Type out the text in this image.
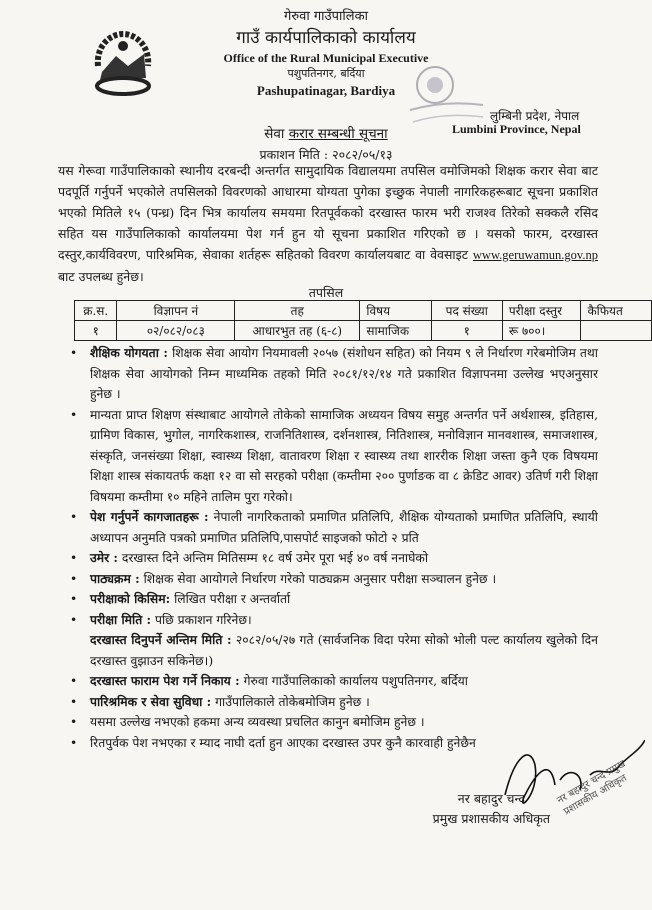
गेरुवा गाउँपालिका
गाउँ कार्यपालिकाको कार्यालय
Office of the Rural Municipal Executive
पशुपतिनगर, बर्दिया
Pashupatinagar, Bardiya
लुम्बिनी प्रदेश, नेपाल
Lumbini Province, Nepal
सेवा करार सम्बन्धी सूचना
प्रकाशन मिति : २०८२/०५/१३
यस गेरूवा गाउँपालिकाको स्थानीय दरबन्दी अन्तर्गत सामुदायिक विद्यालयमा तपसिल वमोजिमको शिक्षक करार सेवा बाट पदपूर्ति गर्नुपर्ने भएकोले तपसिलको विवरणको आधारमा योग्यता पुगेका इच्छुक नेपाली नागरिकहरूबाट सूचना प्रकाशित भएको मितिले १५ (पन्ध्र) दिन भित्र कार्यालय समयमा रितपूर्वकको दरखास्त फारम भरी राजश्व तिरेको सक्कलै रसिद सहित यस गाउँपालिकाको कार्यालयमा पेश गर्न हुन यो सूचना प्रकाशित गरिएको छ । यसको फारम, दरखास्त दस्तुर,कार्यविवरण, पारिश्रमिक, सेवाका शर्तहरू सहितको विवरण कार्यालयबाट वा वेवसाइट www.geruwamun.gov.np बाट उपलब्ध हुनेछ।
तपसिल
क्र.स.	विज्ञापन नं	तह	विषय	पद संख्या	परीक्षा दस्तुर	कैफियत
१	०२/०८२/०८३	आधारभुत तह (६-८)	सामाजिक	१	रू ७००।	
• शैक्षिक योगयता : शिक्षक सेवा आयोग नियमावली २०५७ (संशोधन सहित) को नियम ९ ले निर्धारण गरेबमोजिम तथा शिक्षक सेवा आयोगको निम्न माध्यमिक तहको मिति २०८१/१२/१४ गते प्रकाशित विज्ञापनमा उल्लेख भएअनुसार हुनेछ ।
• मान्यता प्राप्त शिक्षण संस्थाबाट आयोगले तोकेको सामाजिक अध्ययन विषय समुह अन्तर्गत पर्ने अर्थशास्त्र, इतिहास, ग्रामिण विकास, भुगोल, नागरिकशास्त्र, राजनितिशास्त्र, दर्शनशास्त्र, नितिशास्त्र, मनोविज्ञान मानवशास्त्र, समाजशास्त्र, संस्कृति, जनसंख्या शिक्षा, स्वास्थ्य शिक्षा, वातावरण शिक्षा र स्वास्थ्य तथा शाररीक शिक्षा जस्ता कुनै एक विषयमा शिक्षा शास्त्र संकायतर्फ कक्षा १२ वा सो सरहको परीक्षा (कम्तीमा २०० पुर्णाङक वा ८ क्रेडिट आवर) उतिर्ण गरी शिक्षा विषयमा कम्तीमा १० महिने तालिम पुरा गरेको।
• पेश गर्नुपर्ने कागजातहरू : नेपाली नागरिकताको प्रमाणित प्रतिलिपि, शैक्षिक योग्यताको प्रमाणित प्रतिलिपि, स्थायी अध्यापन अनुमति पत्रको प्रमाणित प्रतिलिपि,पासपोर्ट साइजको फोटो २ प्रति
• उमेर : दरखास्त दिने अन्तिम मितिसम्म १८ वर्ष उमेर पूरा भई ४० वर्ष ननाघेको
• पाठ्यक्रम : शिक्षक सेवा आयोगले निर्धारण गरेको पाठ्यक्रम अनुसार परीक्षा सञ्चालन हुनेछ ।
• परीक्षाको किसिम: लिखित परीक्षा र अन्तर्वार्ता
• परीक्षा मिति : पछि प्रकाशन गरिनेछ।
दरखास्त दिनुपर्ने अन्तिम मिति : २०८२/०५/२७ गते (सार्वजनिक विदा परेमा सोको भोली पल्ट कार्यालय खुलेको दिन दरखास्त वुझाउन सकिनेछ।)
• दरखास्त फाराम पेश गर्ने निकाय : गेरुवा गाउँपालिकाको कार्यालय पशुपतिनगर, बर्दिया
• पारिश्रमिक र सेवा सुविधा : गाउँपालिकाले तोकेबमोजिम हुनेछ ।
• यसमा उल्लेख नभएको हकमा अन्य व्यवस्था प्रचलित कानुन बमोजिम हुनेछ ।
• रितपुर्वक पेश नभएका र म्याद नाघी दर्ता हुन आएका दरखास्त उपर कुनै कारवाही हुनेछैन
नर बहादुर चन्द प्रमुख प्रशासकीय अधिकृत
नर बहादुर चन्द
प्रमुख प्रशासकीय अधिकृत
